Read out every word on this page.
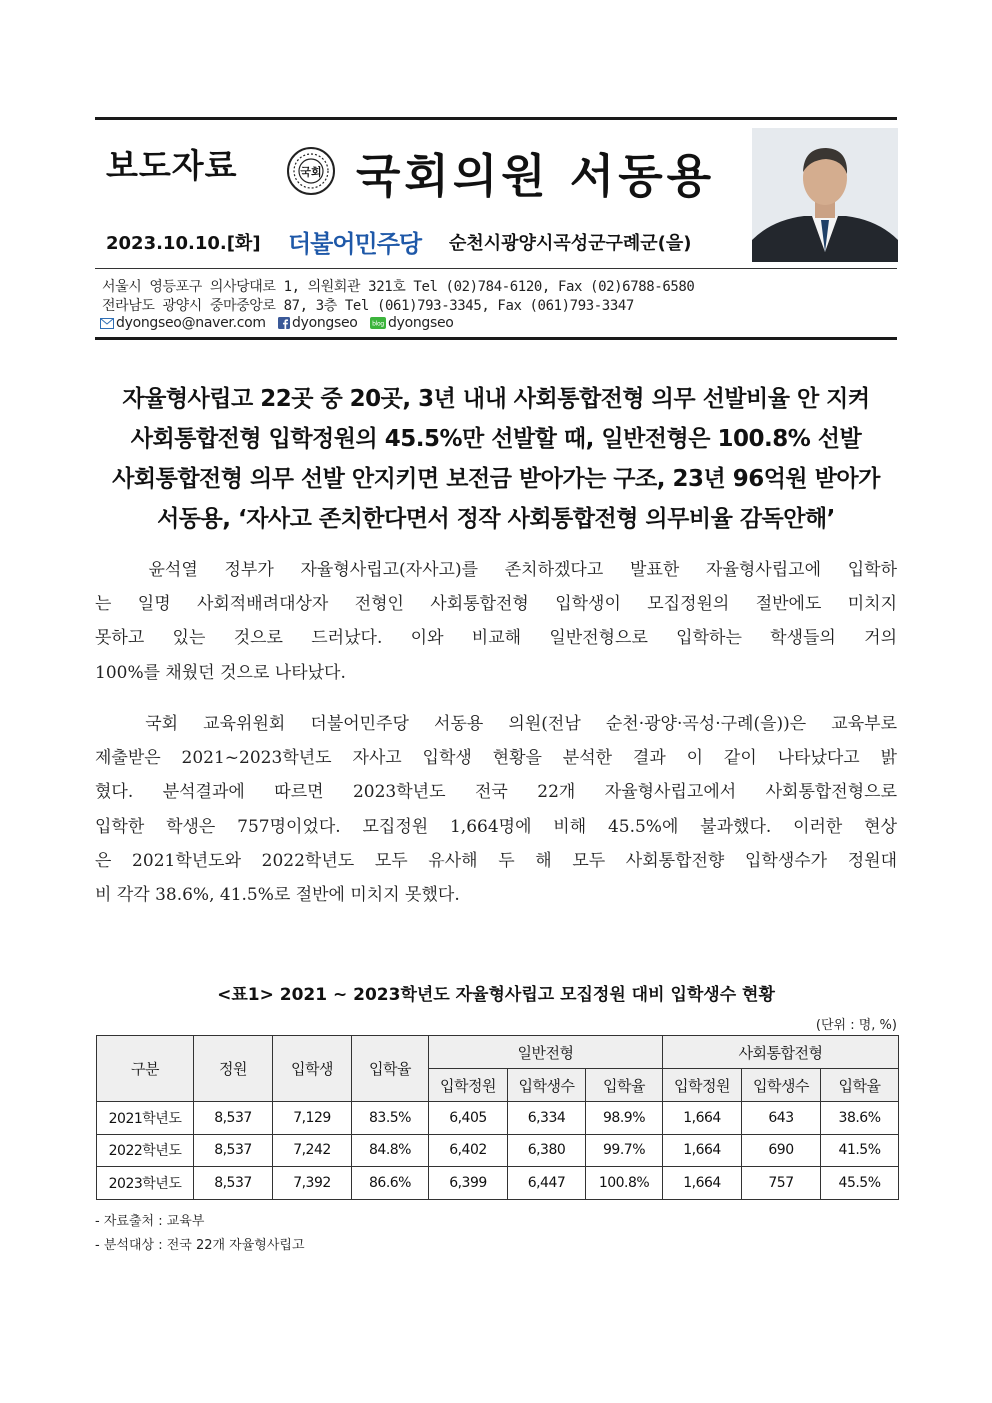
보도자료	국회 국회의원 서동용
2023.10.10.[화] 더불어민주당 순천시광양시곡성군구례군(을)
서울시 영등포구 의사당대로 1, 의원회관 321호 Tel (02)784-6120, Fax (02)6788-6580
전라남도 광양시 중마중앙로 87, 3층 Tel (061)793-3345, Fax (061)793-3347
dyongseo@naver.com	dyongseo blog dyongseo
자율형사립고 22곳 중 20곳, 3년 내내 사회통합전형 의무 선발비율 안 지켜
사회통합전형 입학정원의 45.5%만 선발할 때, 일반전형은 100.8% 선발
사회통합전형 의무 선발 안지키면 보전금 받아가는 구조, 23년 96억원 받아가
서동용, ‘자사고 존치한다면서 정작 사회통합전형 의무비율 감독안해’
윤석열 정부가 자율형사립고(자사고)를 존치하겠다고 발표한 자율형사립고에 입학하
는 일명 사회적배려대상자 전형인 사회통합전형 입학생이 모집정원의 절반에도 미치지
못하고 있는 것으로 드러났다. 이와 비교해 일반전형으로 입학하는 학생들의 거의
100%를 채웠던 것으로 나타났다.
국회 교육위원회 더불어민주당 서동용 의원(전남 순천·광양·곡성·구례(을))은 교육부로
제출받은 2021~2023학년도 자사고 입학생 현황을 분석한 결과 이 같이 나타났다고 밝
혔다. 분석결과에 따르면 2023학년도 전국 22개 자율형사립고에서 사회통합전형으로
입학한 학생은 757명이었다. 모집정원 1,664명에 비해 45.5%에 불과했다. 이러한 현상
은 2021학년도와 2022학년도 모두 유사해 두 해 모두 사회통합전향 입학생수가 정원대
비 각각 38.6%, 41.5%로 절반에 미치지 못했다.
<표1> 2021 ~ 2023학년도 자율형사립고 모집정원 대비 입학생수 현황
(단위 : 명, %)
구분	정원	입학생	입학율	일반전형			사회통합전형		
				입학정원	입학생수	입학율	입학정원	입학생수	입학율
2021학년도	8,537	7,129	83.5%	6,405	6,334	98.9%	1,664	643	38.6%
2022학년도	8,537	7,242	84.8%	6,402	6,380	99.7%	1,664	690	41.5%
2023학년도	8,537	7,392	86.6%	6,399	6,447	100.8%	1,664	757	45.5%
- 자료출처 : 교육부
- 분석대상 : 전국 22개 자율형사립고
